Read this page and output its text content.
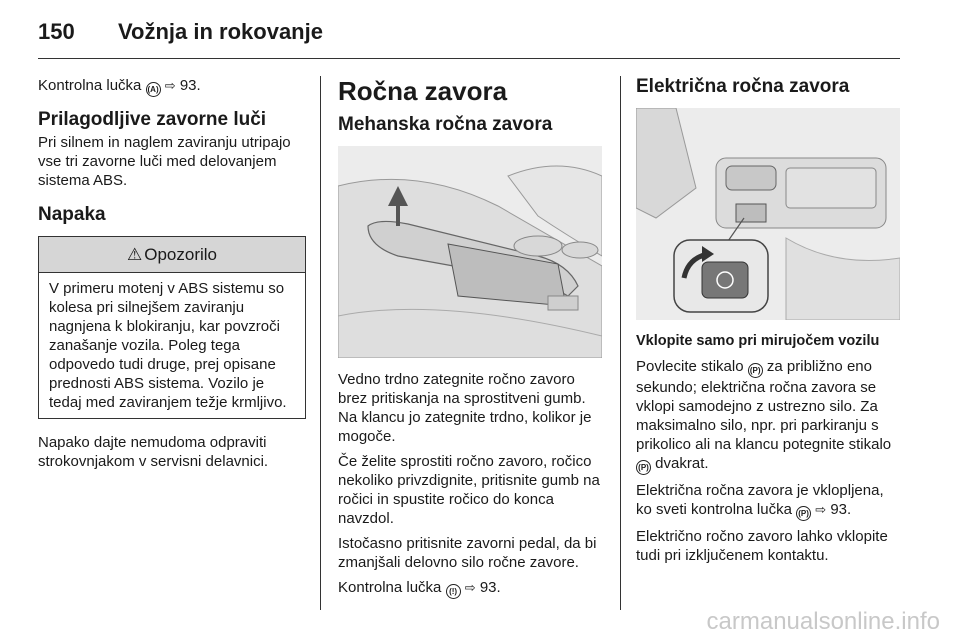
150	Vožnja in rokovanje

Kontrolna lučka (A) ⇨ 93.

Prilagodljive zavorne luči

Pri silnem in naglem zaviranju utripajo vse tri zavorne luči med delovanjem sistema ABS.

Napaka
⚠ Opozorilo
V primeru motenj v ABS sistemu so kolesa pri silnejšem zaviranju nagnjena k blokiranju, kar povzroči zanašanje vozila. Poleg tega odpovedo tudi druge, prej opisane prednosti ABS sistema. Vozilo je tedaj med zaviranjem težje krmljivo.

Napako dajte nemudoma odpraviti strokovnjakom v servisni delavnici.

Ročna zavora
Mehanska ročna zavora

Vedno trdno zategnite ročno zavoro brez pritiskanja na sprostitveni gumb. Na klancu jo zategnite trdno, kolikor je mogoče.

Če želite sprostiti ročno zavoro, ročico nekoliko privzdignite, pritisnite gumb na ročici in spustite ročico do konca navzdol.

Istočasno pritisnite zavorni pedal, da bi zmanjšali delovno silo ročne zavore.

Kontrolna lučka (!) ⇨ 93.

Električna ročna zavora

Vklopite samo pri mirujočem vozilu

Povlecite stikalo (P) za približno eno sekundo; električna ročna zavora se vklopi samodejno z ustrezno silo. Za maksimalno silo, npr. pri parkiranju s prikolico ali na klancu potegnite stikalo (P) dvakrat.

Električna ročna zavora je vklopljena, ko sveti kontrolna lučka (P) ⇨ 93.

Električno ročno zavoro lahko vklopite tudi pri izključenem kontaktu.

carmanualsonline.info
